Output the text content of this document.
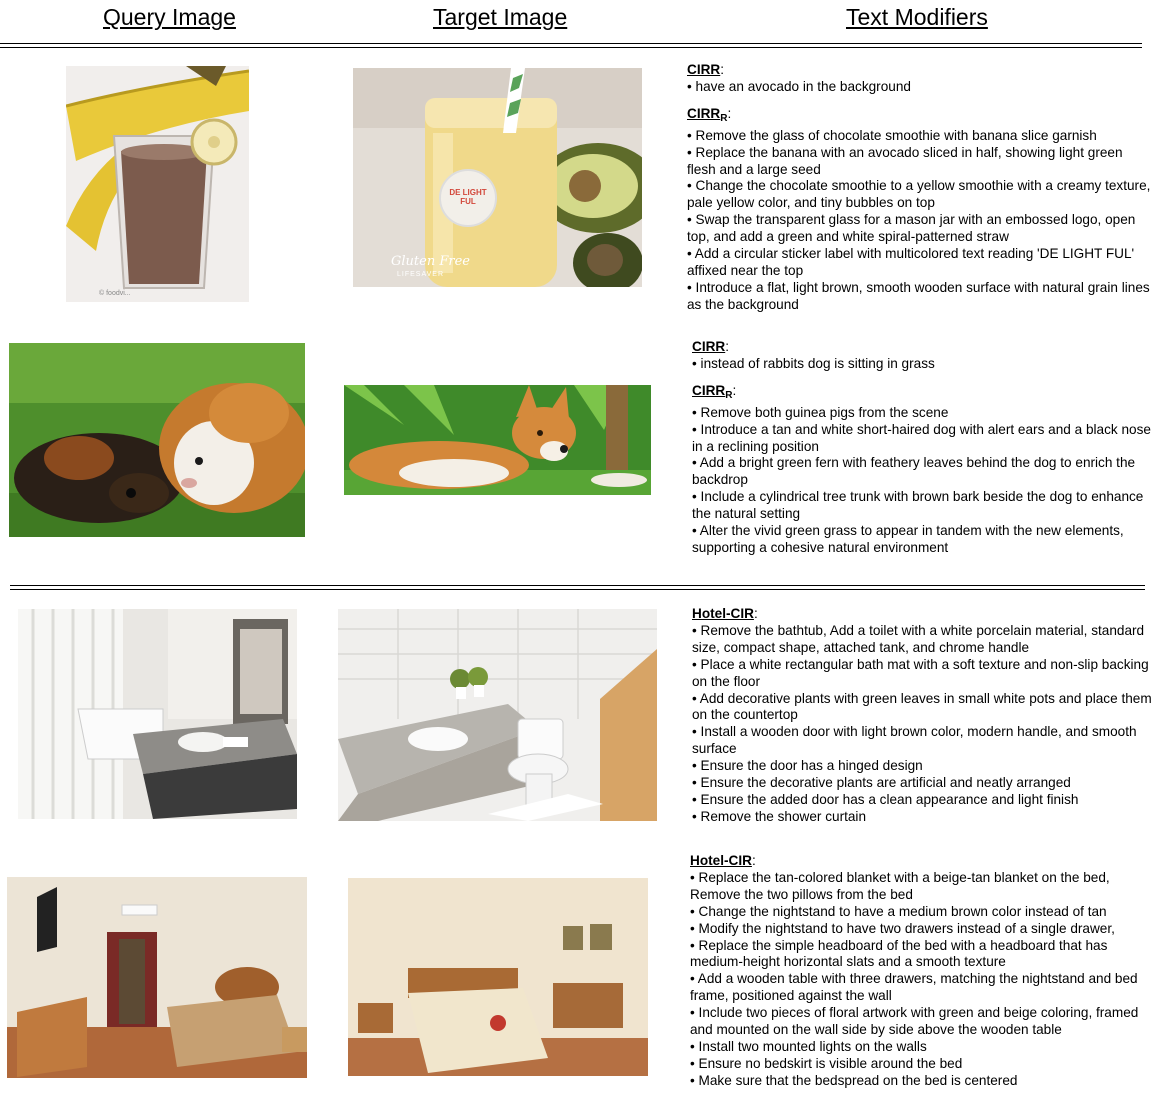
Query Image	Target Image	Text Modifiers
© foodvi...
DE LIGHT FUL
Gluten Free
LIFESAVER
CIRR:
• have an avocado in the background
$CIRR_R$:
• Remove the glass of chocolate smoothie with banana slice garnish
• Replace the banana with an avocado sliced in half, showing light green flesh and a large seed
• Change the chocolate smoothie to a yellow smoothie with a creamy texture, pale yellow color, and tiny bubbles on top
• Swap the transparent glass for a mason jar with an embossed logo, open top, and add a green and white spiral-patterned straw
• Add a circular sticker label with multicolored text reading 'DE LIGHT FUL' affixed near the top
• Introduce a flat, light brown, smooth wooden surface with natural grain lines as the background
CIRR:
• instead of rabbits dog is sitting in grass
$CIRR_R$:
• Remove both guinea pigs from the scene
• Introduce a tan and white short-haired dog with alert ears and a black nose in a reclining position
• Add a bright green fern with feathery leaves behind the dog to enrich the backdrop
• Include a cylindrical tree trunk with brown bark beside the dog to enhance the natural setting
• Alter the vivid green grass to appear in tandem with the new elements, supporting a cohesive natural environment
Hotel-CIR:
• Remove the bathtub, Add a toilet with a white porcelain material, standard size, compact shape, attached tank, and chrome handle
• Place a white rectangular bath mat with a soft texture and non-slip backing on the floor
• Add decorative plants with green leaves in small white pots and place them on the countertop
• Install a wooden door with light brown color, modern handle, and smooth surface
• Ensure the door has a hinged design
• Ensure the decorative plants are artificial and neatly arranged
• Ensure the added door has a clean appearance and light finish
• Remove the shower curtain
Hotel-CIR:
• Replace the tan-colored blanket with a beige-tan blanket on the bed, Remove the two pillows from the bed
• Change the nightstand to have a medium brown color instead of tan
• Modify the nightstand to have two drawers instead of a single drawer,
• Replace the simple headboard of the bed with a headboard that has medium-height horizontal slats and a smooth texture
• Add a wooden table with three drawers, matching the nightstand and bed frame, positioned against the wall
• Include two pieces of floral artwork with green and beige coloring, framed and mounted on the wall side by side above the wooden table
• Install two mounted lights on the walls
• Ensure no bedskirt is visible around the bed
• Make sure that the bedspread on the bed is centered
